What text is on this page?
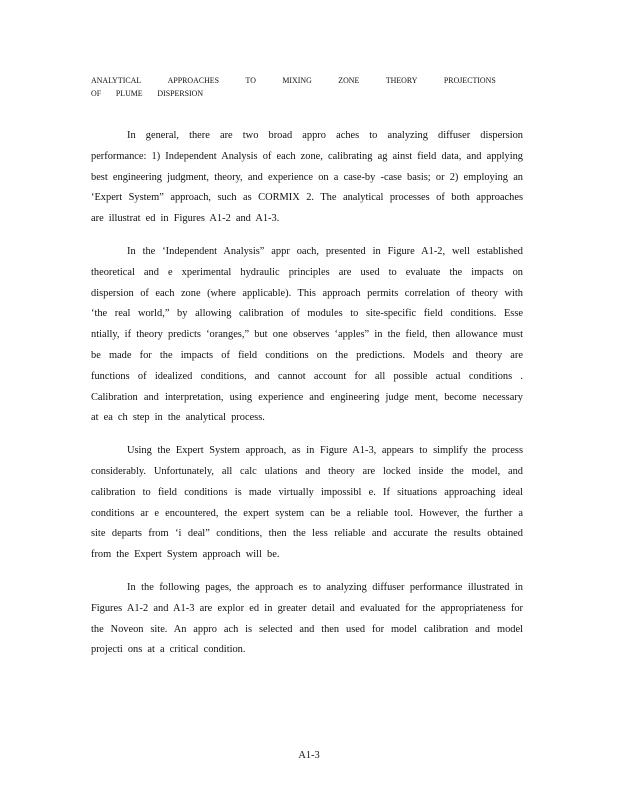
ANALYTICAL	APPROACHES	TO	MIXING	ZONE	THEORY	PROJECTIONS
OF PLUME DISPERSION

In general, there are two broad appro aches to analyzing diffuser dispersion performance: 1) Independent Analysis of each zone, calibrating ag ainst field data, and applying best engineering judgment, theory, and experience on a case-by -case basis; or 2) employing an ‘Expert System” approach, such as CORMIX 2. The analytical processes of both approaches are illustrat ed in Figures A1-2 and A1-3.

In the ‘Independent Analysis” appr oach, presented in Figure A1-2, well established theoretical and e xperimental hydraulic principles are used to evaluate the impacts on dispersion of each zone (where applicable). This approach permits correlation of theory with ‘the real world,” by allowing calibration of modules to site-specific field conditions. Esse ntially, if theory predicts ‘oranges,” but one observes ‘apples” in the field, then allowance must be made for the impacts of field conditions on the predictions. Models and theory are functions of idealized conditions, and cannot account for all possible actual conditions . Calibration and interpretation, using experience and engineering judge ment, become necessary at ea ch step in the analytical process.

Using the Expert System approach, as in Figure A1-3, appears to simplify the process considerably. Unfortunately, all calc ulations and theory are locked inside the model, and calibration to field conditions is made virtually impossibl e. If situations approaching ideal conditions ar e encountered, the expert system can be a reliable tool. However, the further a site departs from ‘i deal” conditions, then the less reliable and accurate the results obtained from the Expert System approach will be.

In the following pages, the approach es to analyzing diffuser performance illustrated in Figures A1-2 and A1-3 are explor ed in greater detail and evaluated for the appropriateness for the Noveon site. An appro ach is selected and then used for model calibration and model projecti ons at a critical condition.

A1-3
